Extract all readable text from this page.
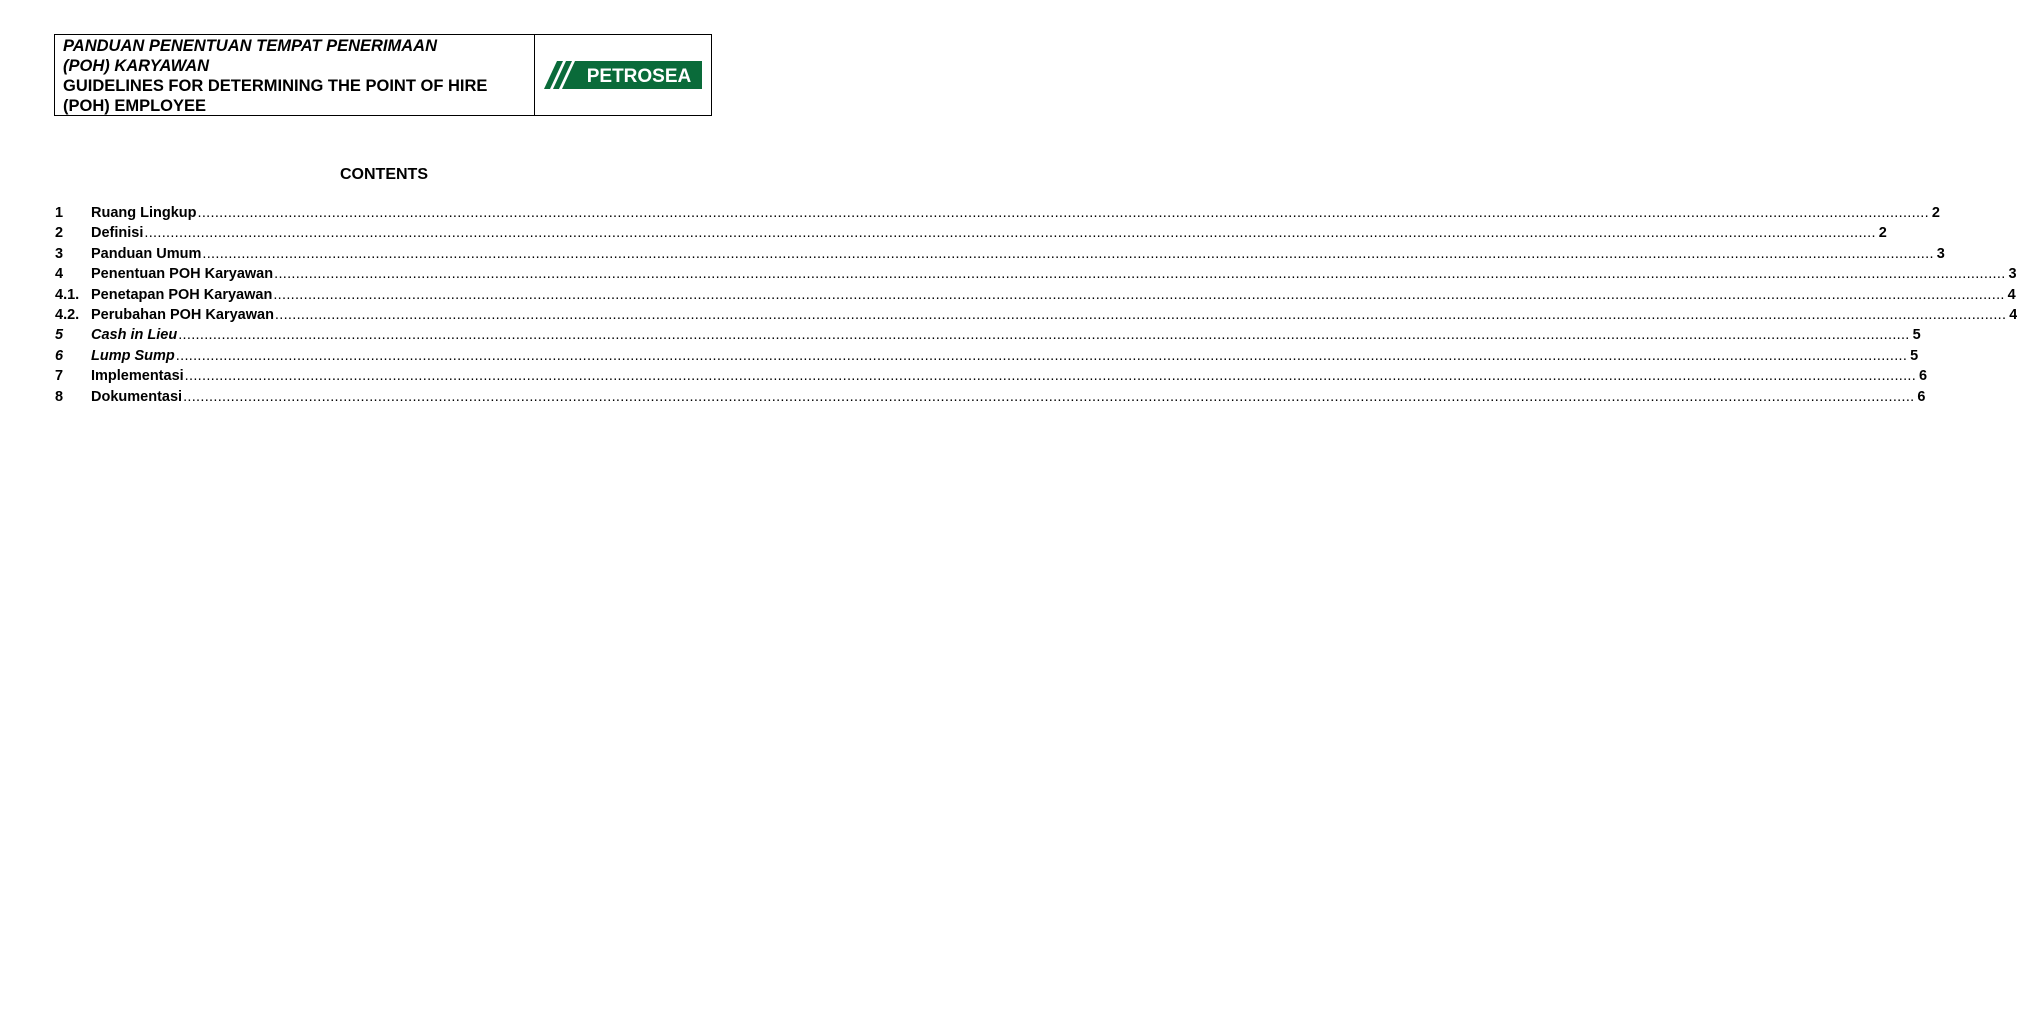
PANDUAN PENENTUAN TEMPAT PENERIMAAN
(POH) KARYAWAN
GUIDELINES FOR DETERMINING THE POINT OF HIRE
(POH) EMPLOYEE
PETROSEA
CONTENTS
1	Ruang Lingkup ................................................................................................................................................................................................................................................................................................................................................................................................................ 2
2	Definisi ................................................................................................................................................................................................................................................................................................................................................................................................................ 2
3	Panduan Umum ................................................................................................................................................................................................................................................................................................................................................................................................................ 3
4	Penentuan POH Karyawan ................................................................................................................................................................................................................................................................................................................................................................................................................ 3
4.1. Penetapan POH Karyawan ................................................................................................................................................................................................................................................................................................................................................................................................................ 4
4.2. Perubahan POH Karyawan ................................................................................................................................................................................................................................................................................................................................................................................................................ 4
5	Cash in Lieu ................................................................................................................................................................................................................................................................................................................................................................................................................ 5
6	Lump Sump ................................................................................................................................................................................................................................................................................................................................................................................................................ 5
7	Implementasi ................................................................................................................................................................................................................................................................................................................................................................................................................ 6
8	Dokumentasi ................................................................................................................................................................................................................................................................................................................................................................................................................ 6
